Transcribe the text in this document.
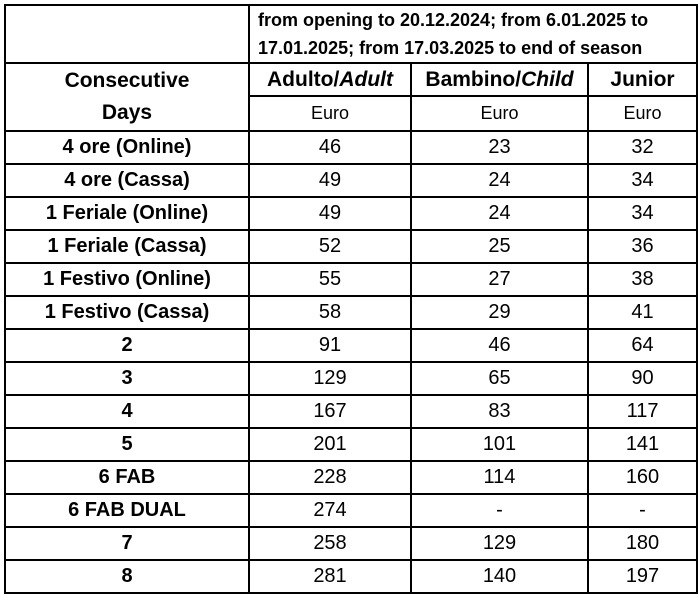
	from opening to 20.12.2024; from 6.01.2025 to
17.01.2025; from 17.03.2025 to end of season		

Consecutive
Days	Adulto/Adult	Bambino/Child	Junior
	Euro	Euro	Euro
4 ore (Online)	46	23	32
4 ore (Cassa)	49	24	34
1 Feriale (Online)	49	24	34
1 Feriale (Cassa)	52	25	36
1 Festivo (Online)	55	27	38
1 Festivo (Cassa)	58	29	41
2	91	46	64
3	129	65	90
4	167	83	117
5	201	101	141
6 FAB	228	114	160
6 FAB DUAL	274	-	-
7	258	129	180
8	281	140	197
